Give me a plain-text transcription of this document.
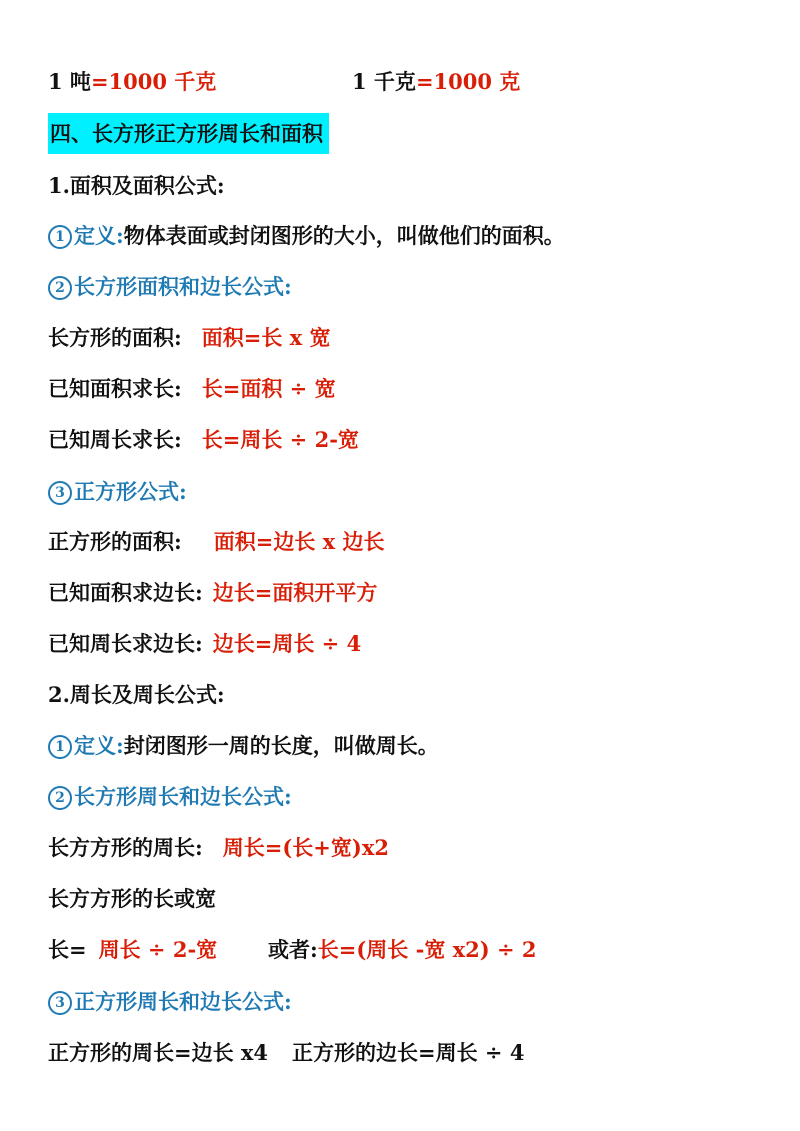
1 吨=1000 千克	1 千克=1000 克
四、长方形正方形周长和面积
1.面积及面积公式:
1 定义:物体表面或封闭图形的大小，叫做他们的面积。
2 长方形面积和边长公式:
长方形的面积: 面积=长 x 宽
已知面积求长: 长=面积 ÷ 宽
已知周长求长: 长=周长 ÷ 2-宽
3 正方形公式:
正方形的面积: 面积=边长 x 边长
已知面积求边长: 边长=面积开平方
已知周长求边长: 边长=周长 ÷ 4
2.周长及周长公式:
1 定义:封闭图形一周的长度，叫做周长。
2 长方形周长和边长公式:
长方方形的周长: 周长=(长+宽)x2
长方方形的长或宽
长= 周长 ÷ 2-宽 或者:长=(周长 -宽 x2) ÷ 2
3 正方形周长和边长公式:
正方形的周长=边长 x4 正方形的边长=周长 ÷ 4
